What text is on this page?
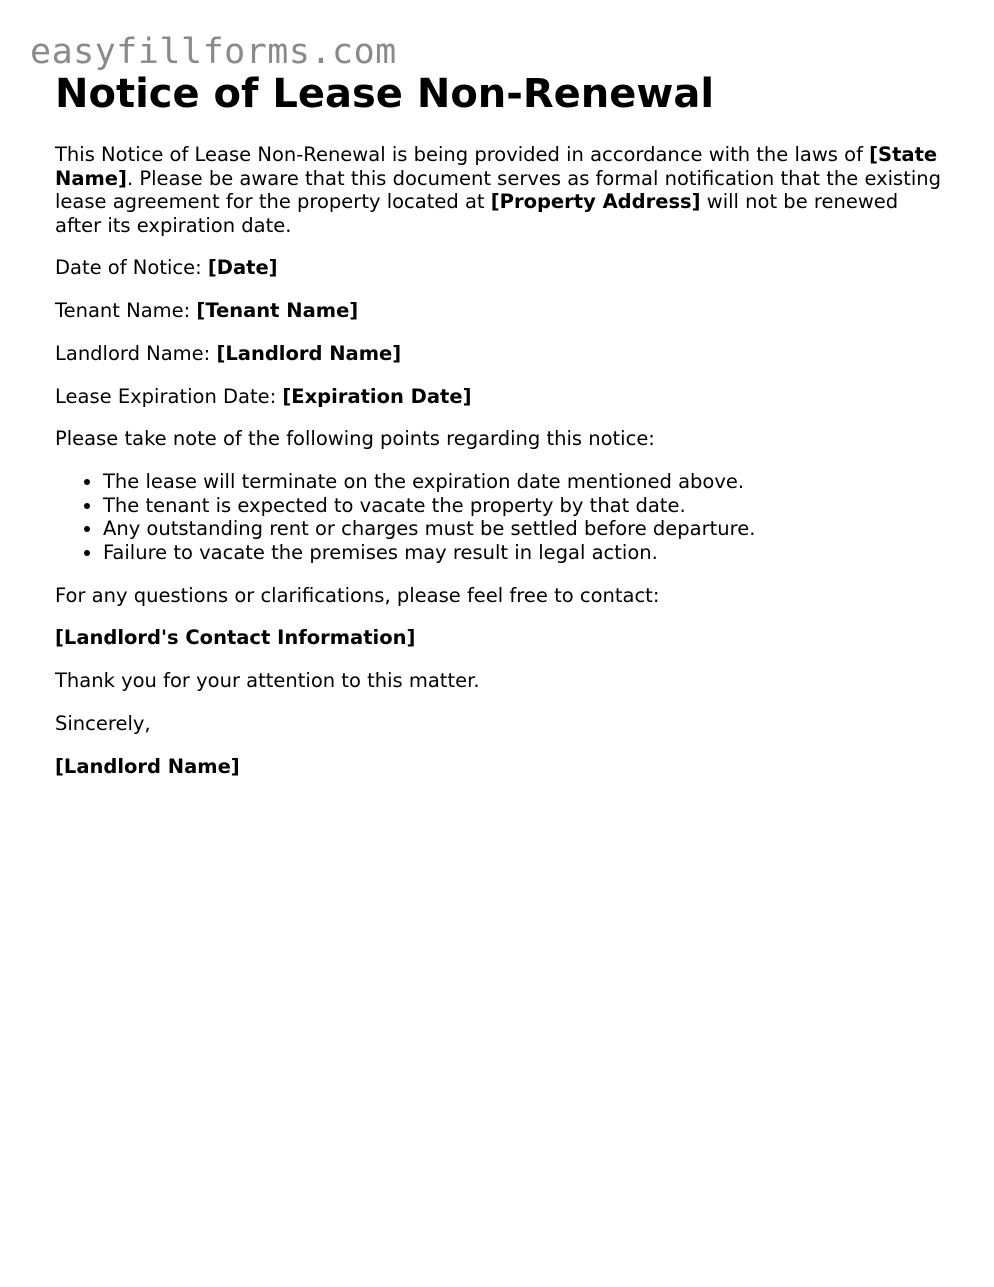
easyfillforms.com
Notice of Lease Non-Renewal

This Notice of Lease Non-Renewal is being provided in accordance with the laws of [State Name]. Please be aware that this document serves as formal notification that the existing lease agreement for the property located at [Property Address] will not be renewed after its expiration date.

Date of Notice: [Date]

Tenant Name: [Tenant Name]

Landlord Name: [Landlord Name]

Lease Expiration Date: [Expiration Date]

Please take note of the following points regarding this notice:

• The lease will terminate on the expiration date mentioned above.
• The tenant is expected to vacate the property by that date.
• Any outstanding rent or charges must be settled before departure.
• Failure to vacate the premises may result in legal action.

For any questions or clarifications, please feel free to contact:

[Landlord's Contact Information]

Thank you for your attention to this matter.

Sincerely,

[Landlord Name]
